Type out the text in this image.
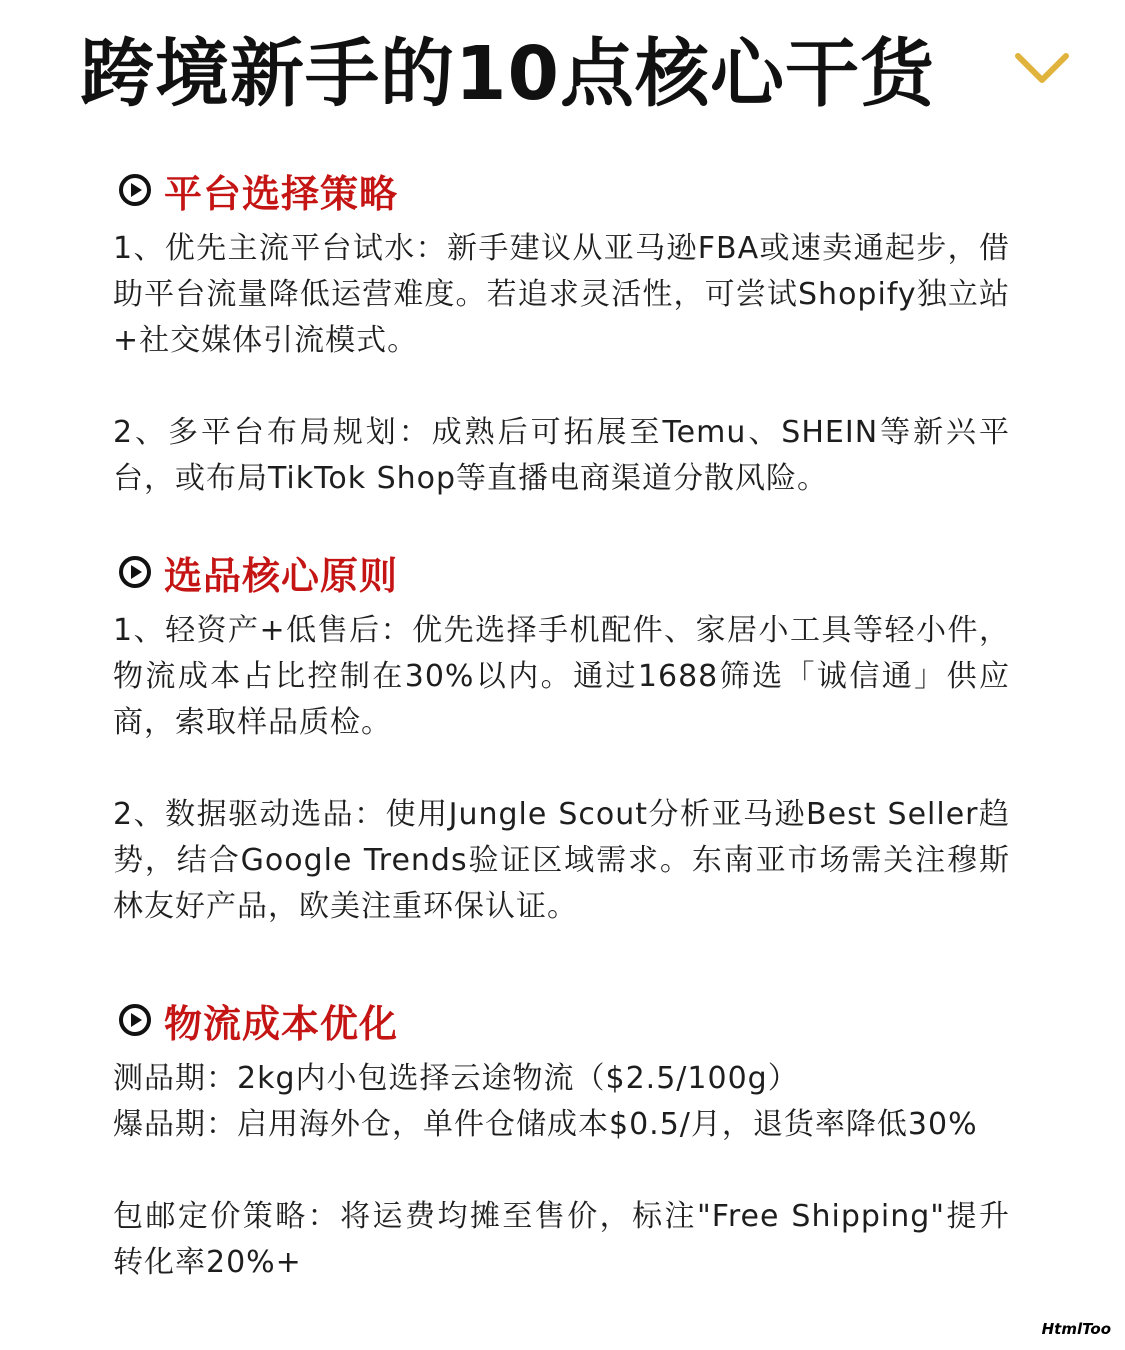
跨境新手的10点核心干货
平台选择策略

1、优先主流平台试水：新手建议从亚马逊FBA或速卖通起步，借助平台流量降低运营难度。若追求灵活性，可尝试Shopify独立站+社交媒体引流模式。

2、多平台布局规划：成熟后可拓展至Temu、SHEIN等新兴平台，或布局TikTok Shop等直播电商渠道分散风险。

选品核心原则

1、轻资产+低售后：优先选择手机配件、家居小工具等轻小件，物流成本占比控制在30%以内。通过1688筛选「诚信通」供应商，索取样品质检。

2、数据驱动选品：使用Jungle Scout分析亚马逊Best Seller趋势，结合Google Trends验证区域需求。东南亚市场需关注穆斯林友好产品，欧美注重环保认证。

物流成本优化

测品期：2kg内小包选择云途物流（$2.5/100g）

爆品期：启用海外仓，单件仓储成本$0.5/月，退货率降低30%

包邮定价策略：将运费均摊至售价，标注"Free Shipping"提升转化率20%+

HtmlToo
